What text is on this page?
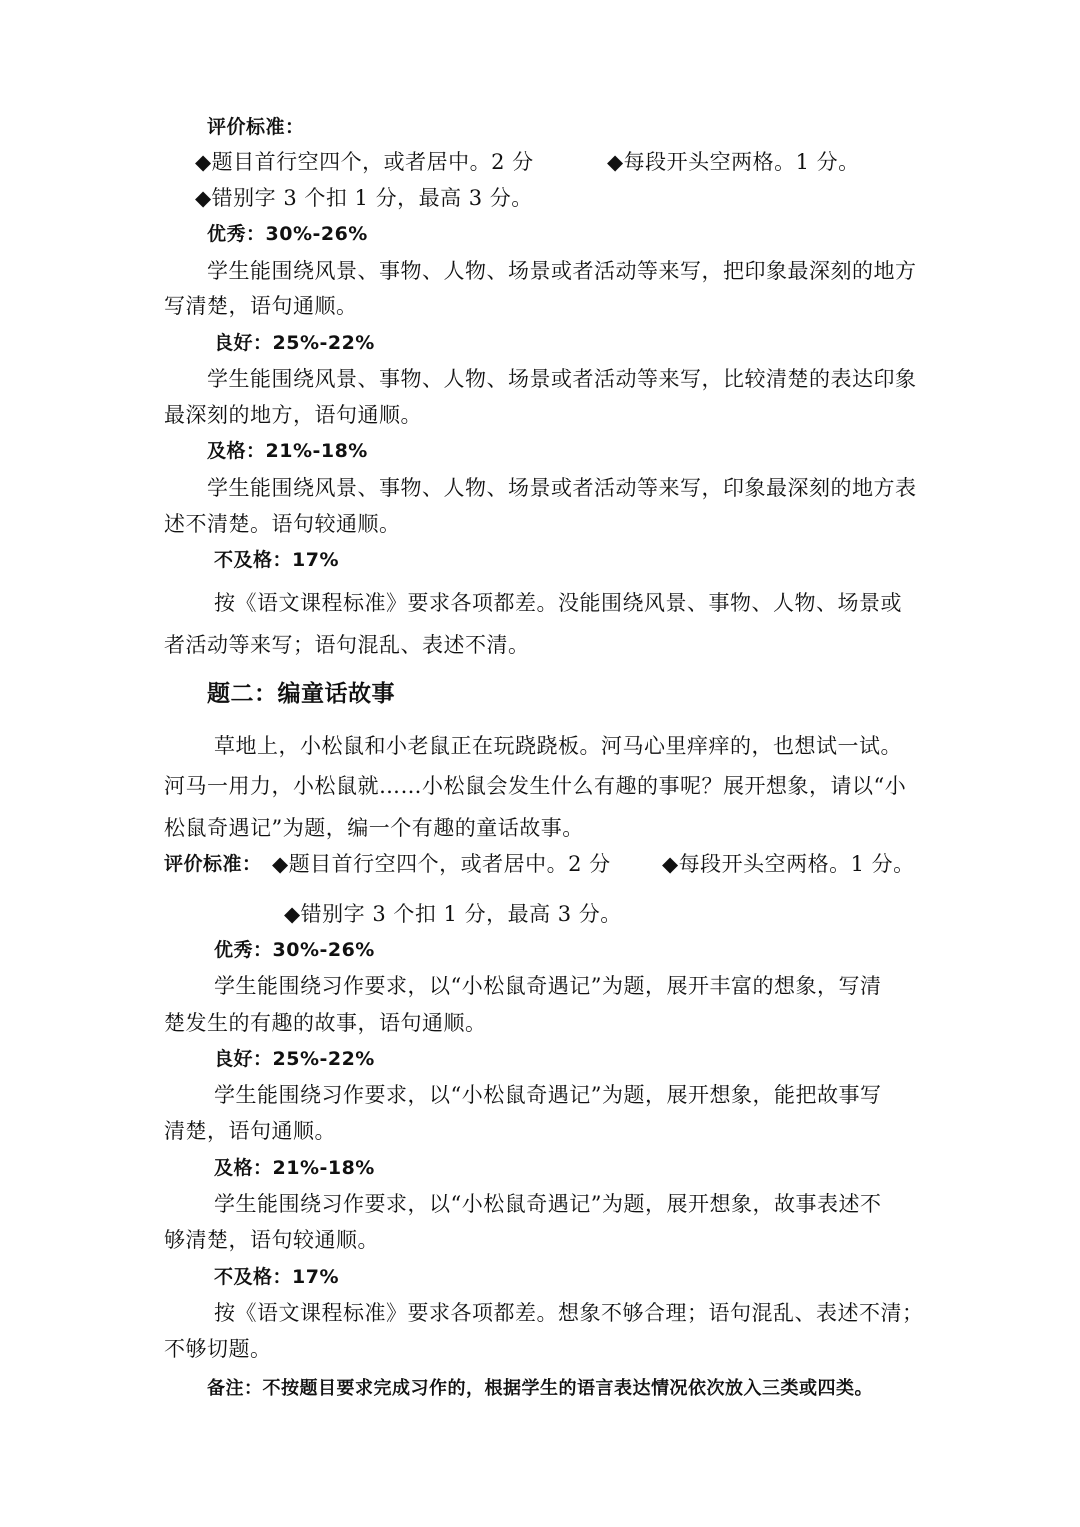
评价标准：
◆题目首行空四个，或者居中。2 分	◆每段开头空两格。1 分。
◆错别字 3 个扣 1 分，最高 3 分。
优秀：30%-26%
学生能围绕风景、事物、人物、场景或者活动等来写，把印象最深刻的地方
写清楚，语句通顺。
良好：25%-22%
学生能围绕风景、事物、人物、场景或者活动等来写，比较清楚的表达印象
最深刻的地方，语句通顺。
及格：21%-18%
学生能围绕风景、事物、人物、场景或者活动等来写，印象最深刻的地方表
述不清楚。语句较通顺。
不及格：17%
按《语文课程标准》要求各项都差。没能围绕风景、事物、人物、场景或
者活动等来写；语句混乱、表述不清。
题二：编童话故事
草地上，小松鼠和小老鼠正在玩跷跷板。河马心里痒痒的，也想试一试。
河马一用力，小松鼠就……小松鼠会发生什么有趣的事呢？展开想象，请以“小
松鼠奇遇记”为题，编一个有趣的童话故事。
评价标准： ◆题目首行空四个，或者居中。2 分 ◆每段开头空两格。1 分。
◆错别字 3 个扣 1 分，最高 3 分。
优秀：30%-26%
学生能围绕习作要求，以“小松鼠奇遇记”为题，展开丰富的想象，写清
楚发生的有趣的故事，语句通顺。
良好：25%-22%
学生能围绕习作要求，以“小松鼠奇遇记”为题，展开想象，能把故事写
清楚，语句通顺。
及格：21%-18%
学生能围绕习作要求，以“小松鼠奇遇记”为题，展开想象，故事表述不
够清楚，语句较通顺。
不及格：17%
按《语文课程标准》要求各项都差。想象不够合理；语句混乱、表述不清；
不够切题。
备注：不按题目要求完成习作的，根据学生的语言表达情况依次放入三类或四类。
